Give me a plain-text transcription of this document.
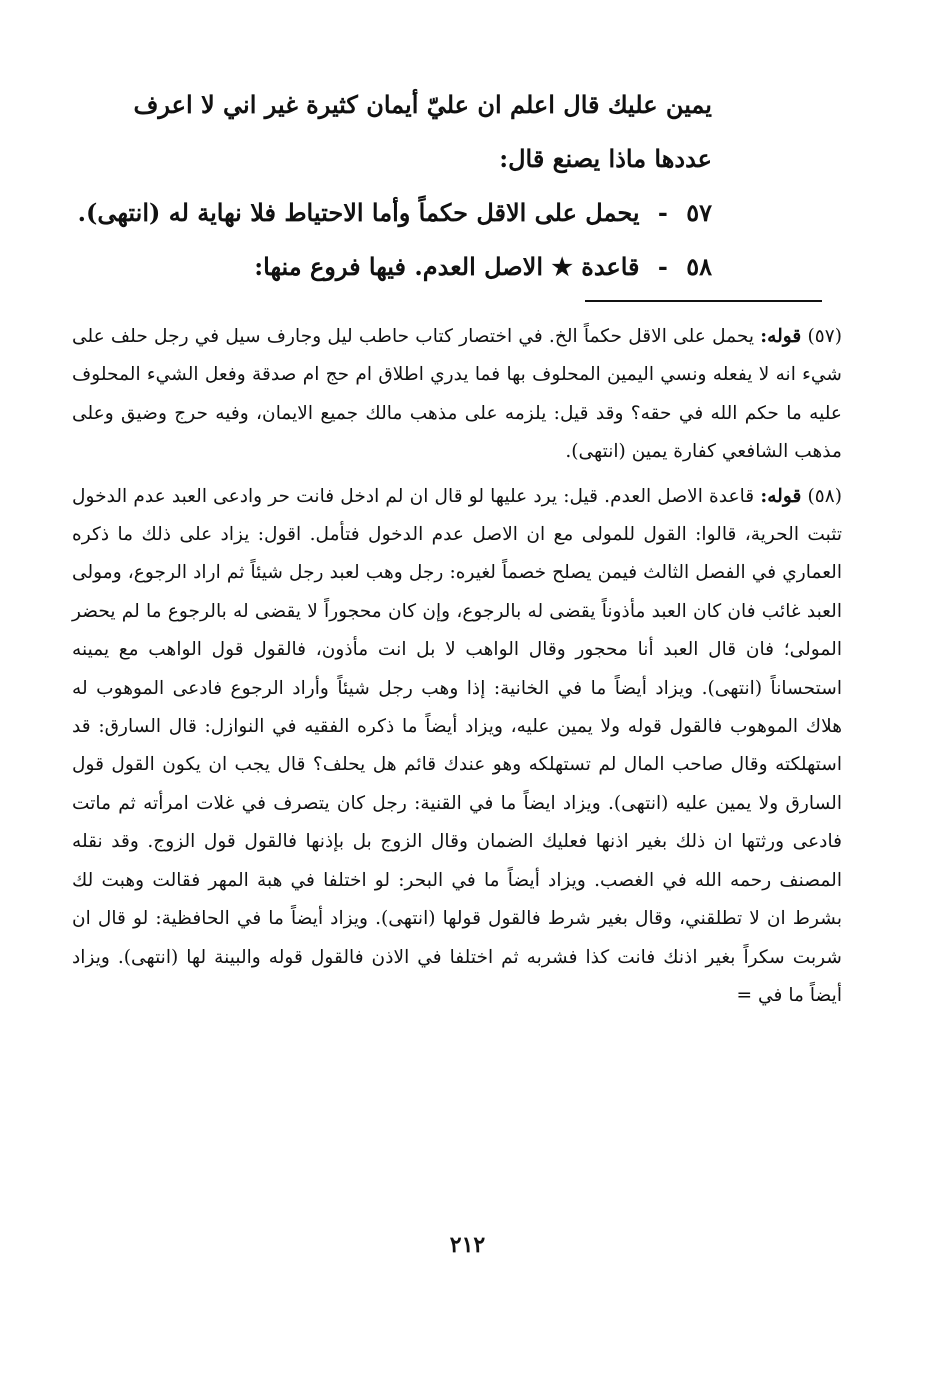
يمين عليك قال اعلم ان عليّ أيمان كثيرة غير اني لا اعرف
عددها ماذا يصنع قال:
٥٧ - يحمل على الاقل حكماً وأما الاحتياط فلا نهاية له (انتهى).
٥٨ - قاعدة ★ الاصل العدم. فيها فروع منها:

(٥٧) قوله: يحمل على الاقل حكماً الخ. في اختصار كتاب حاطب ليل وجارف سيل في رجل حلف على شيء انه لا يفعله ونسي اليمين المحلوف بها فما يدري اطلاق ام حج ام صدقة وفعل الشيء المحلوف عليه ما حكم الله في حقه؟ وقد قيل: يلزمه على مذهب مالك جميع الايمان، وفيه حرج وضيق وعلى مذهب الشافعي كفارة يمين (انتهى).

(٥٨) قوله: قاعدة الاصل العدم. قيل: يرد عليها لو قال ان لم ادخل فانت حر وادعى العبد عدم الدخول تثبت الحرية، قالوا: القول للمولى مع ان الاصل عدم الدخول فتأمل. اقول: يزاد على ذلك ما ذكره العماري في الفصل الثالث فيمن يصلح خصماً لغيره: رجل وهب لعبد رجل شيئاً ثم اراد الرجوع، ومولى العبد غائب فان كان العبد مأذوناً يقضى له بالرجوع، وإن كان محجوراً لا يقضى له بالرجوع ما لم يحضر المولى؛ فان قال العبد أنا محجور وقال الواهب لا بل انت مأذون، فالقول قول الواهب مع يمينه استحساناً (انتهى). ويزاد أيضاً ما في الخانية: إذا وهب رجل شيئاً وأراد الرجوع فادعى الموهوب له هلاك الموهوب فالقول قوله ولا يمين عليه، ويزاد أيضاً ما ذكره الفقيه في النوازل: قال السارق: قد استهلكته وقال صاحب المال لم تستهلكه وهو عندك قائم هل يحلف؟ قال يجب ان يكون القول قول السارق ولا يمين عليه (انتهى). ويزاد ايضاً ما في القنية: رجل كان يتصرف في غلات امرأته ثم ماتت فادعى ورثتها ان ذلك بغير اذنها فعليك الضمان وقال الزوج بل بإذنها فالقول قول الزوج. وقد نقله المصنف رحمه الله في الغصب. ويزاد أيضاً ما في البحر: لو اختلفا في هبة المهر فقالت وهبت لك بشرط ان لا تطلقني، وقال بغير شرط فالقول قولها (انتهى). ويزاد أيضاً ما في الحافظية: لو قال ان شربت سكراً بغير اذنك فانت كذا فشربه ثم اختلفا في الاذن فالقول قوله والبينة لها (انتهى). ويزاد أيضاً ما في =

٢١٢
